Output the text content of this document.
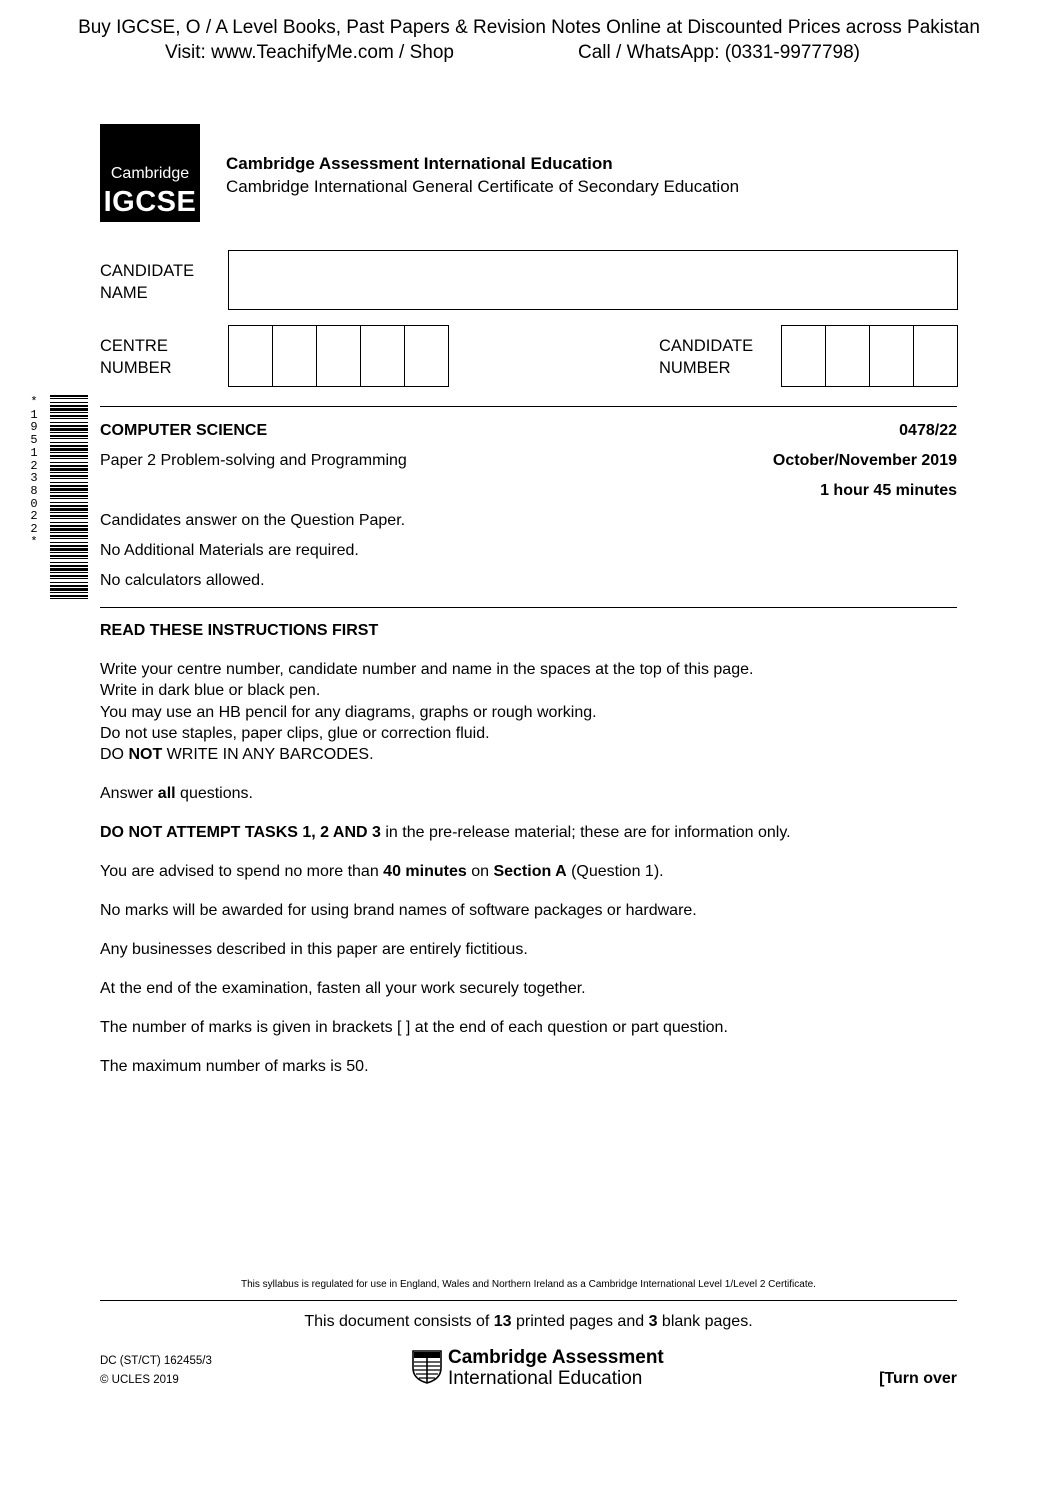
Buy IGCSE, O / A Level Books, Past Papers & Revision Notes Online at Discounted Prices across Pakistan
Visit: www.TeachifyMe.com / Shop	Call / WhatsApp: (0331-9977798)
Cambridge
IGCSE
Cambridge Assessment International Education
Cambridge International General Certificate of Secondary Education
CANDIDATE
NAME
CENTRE
NUMBER
CANDIDATE
NUMBER
*
1
9
5
1
2
3
8
0
2
2
*
COMPUTER SCIENCE	0478/22
Paper 2 Problem-solving and Programming	October/November 2019
1 hour 45 minutes
Candidates answer on the Question Paper.
No Additional Materials are required.
No calculators allowed.
READ THESE INSTRUCTIONS FIRST
Write your centre number, candidate number and name in the spaces at the top of this page.
Write in dark blue or black pen.
You may use an HB pencil for any diagrams, graphs or rough working.
Do not use staples, paper clips, glue or correction fluid.
DO NOT WRITE IN ANY BARCODES.
Answer all questions.
DO NOT ATTEMPT TASKS 1, 2 AND 3 in the pre-release material; these are for information only.
You are advised to spend no more than 40 minutes on Section A (Question 1).
No marks will be awarded for using brand names of software packages or hardware.
Any businesses described in this paper are entirely fictitious.
At the end of the examination, fasten all your work securely together.
The number of marks is given in brackets [ ] at the end of each question or part question.
The maximum number of marks is 50.
This syllabus is regulated for use in England, Wales and Northern Ireland as a Cambridge International Level 1/Level 2 Certificate.
This document consists of 13 printed pages and 3 blank pages.
DC (ST/CT) 162455/3
© UCLES 2019
Cambridge Assessment
International Education	[Turn over
